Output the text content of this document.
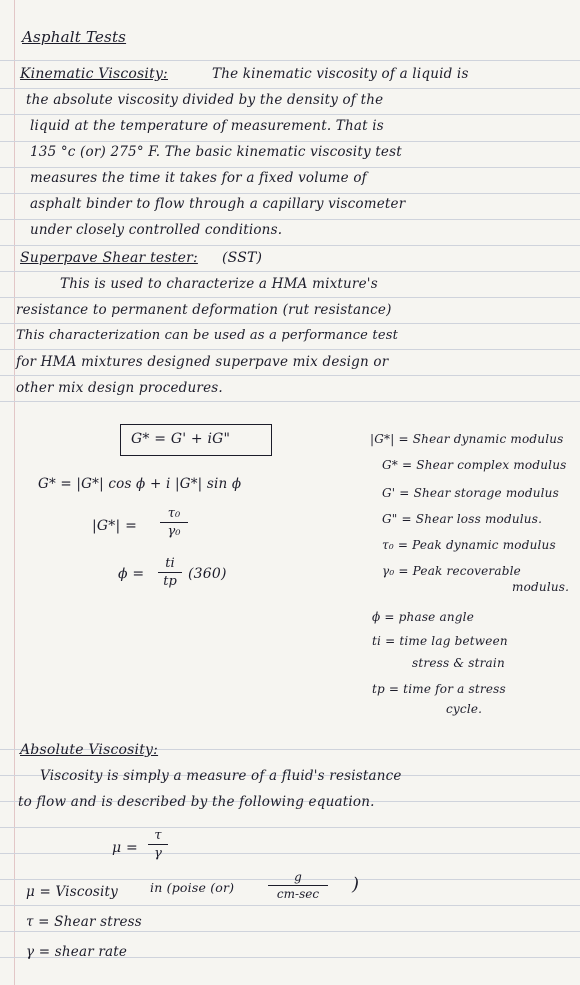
Asphalt Tests
Kinematic Viscosity:	The kinematic viscosity of a liquid is
the absolute viscosity divided by the density of the
liquid at the temperature of measurement. That is
135 °c (or) 275° F. The basic kinematic viscosity test
measures the time it takes for a fixed volume of
asphalt binder to flow through a capillary viscometer
under closely controlled conditions.
Superpave Shear tester: (SST)
This is used to characterize a HMA mixture's
resistance to permanent deformation (rut resistance)
This characterization can be used as a performance test
for HMA mixtures designed superpave mix design or
other mix design procedures.
G* = G' + iG"
G* = |G*| cos ϕ + i |G*| sin ϕ
|G*| =
τ₀
γ₀
ϕ =
ti
tp (360)
|G*| = Shear dynamic modulus
G* = Shear complex modulus
G' = Shear storage modulus
G" = Shear loss modulus.
τ₀ = Peak dynamic modulus
γ₀ = Peak recoverable
modulus.
ϕ = phase angle
ti = time lag between
stress & strain
tp = time for a stress
cycle.
Absolute Viscosity:
Viscosity is simply a measure of a fluid's resistance
to flow and is described by the following equation.
μ =
τ
γ
μ = Viscosity	in (poise (or)
g
cm-sec	)
τ = Shear stress
γ = shear rate
